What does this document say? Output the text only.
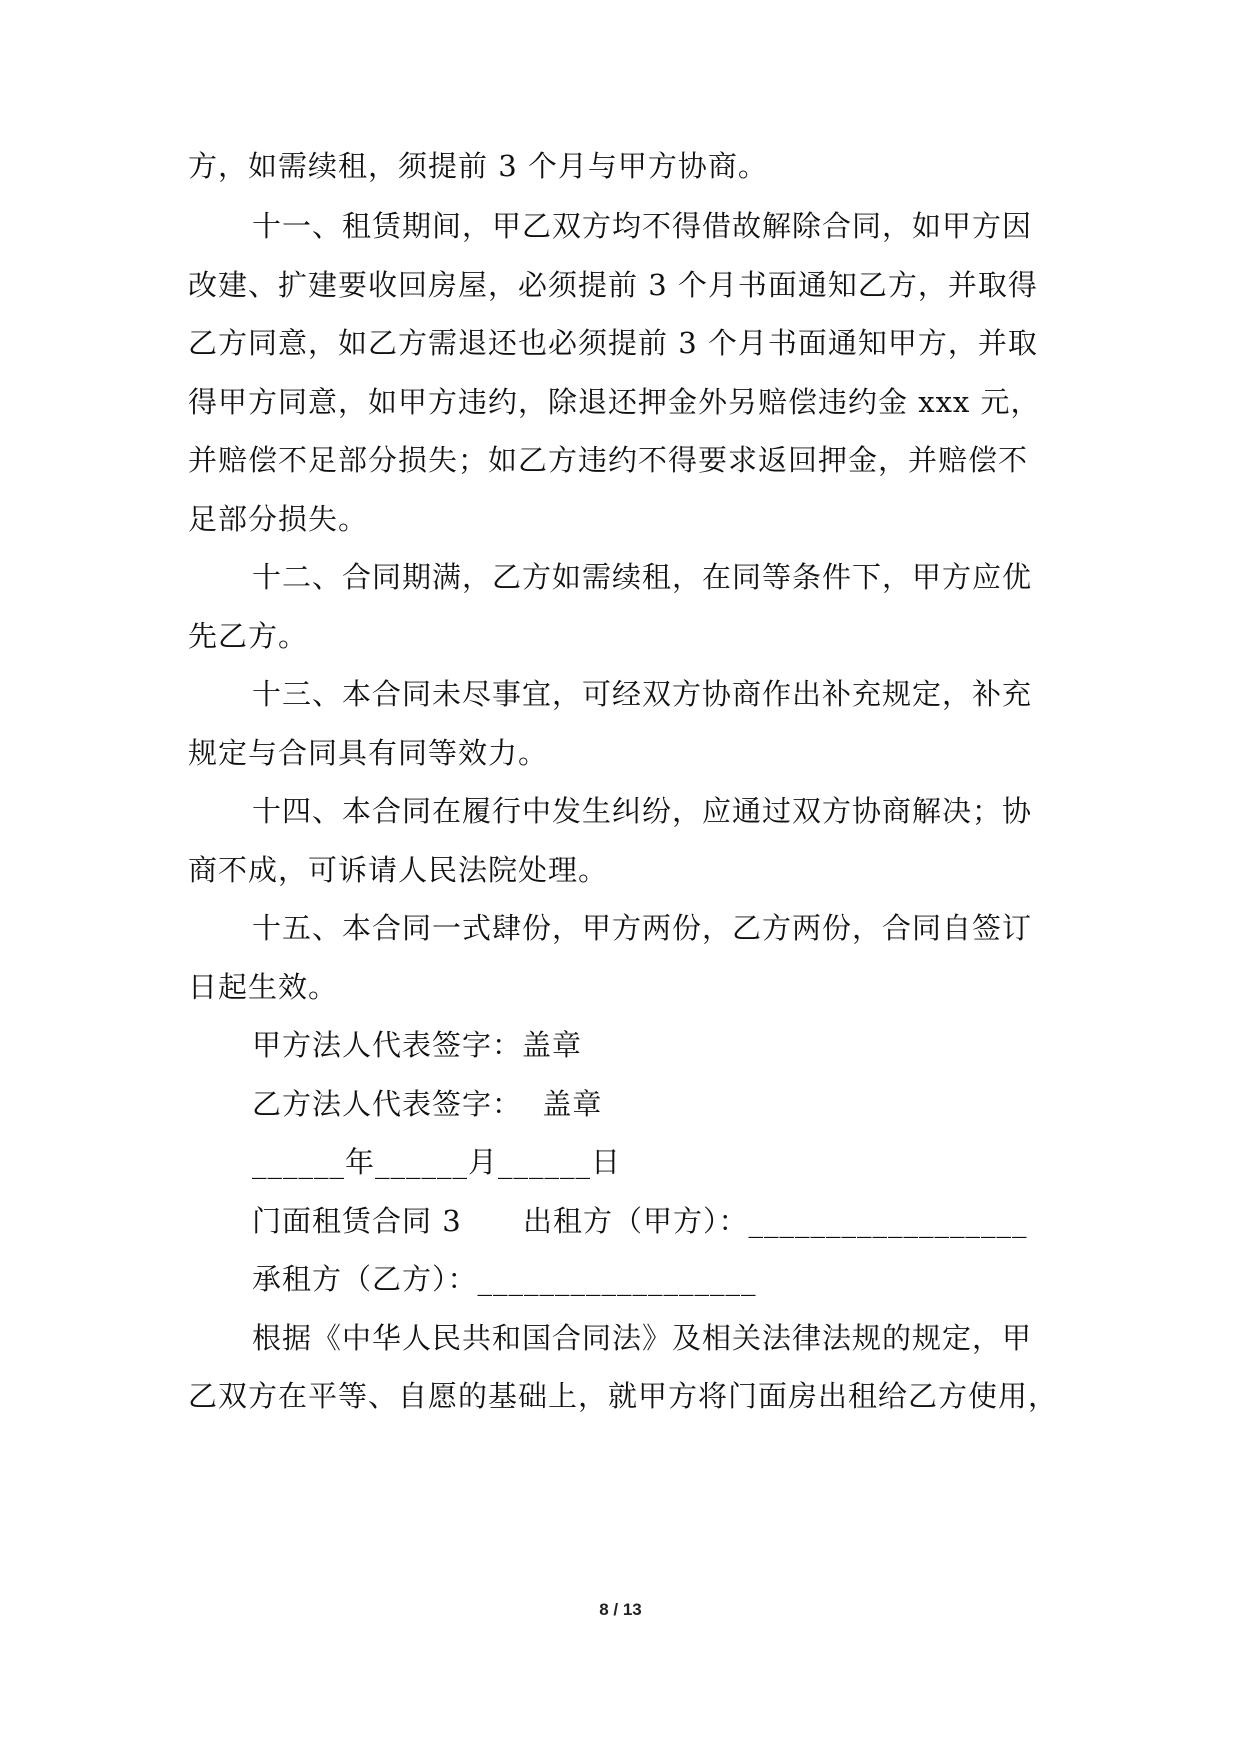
方，如需续租，须提前 3 个月与甲方协商。
十一、租赁期间，甲乙双方均不得借故解除合同，如甲方因
改建、扩建要收回房屋，必须提前 3 个月书面通知乙方，并取得
乙方同意，如乙方需退还也必须提前 3 个月书面通知甲方，并取
得甲方同意，如甲方违约，除退还押金外另赔偿违约金 xxx 元，
并赔偿不足部分损失；如乙方违约不得要求返回押金，并赔偿不
足部分损失。
十二、合同期满，乙方如需续租，在同等条件下，甲方应优
先乙方。
十三、本合同未尽事宜，可经双方协商作出补充规定，补充
规定与合同具有同等效力。
十四、本合同在履行中发生纠纷，应通过双方协商解决；协
商不成，可诉请人民法院处理。
十五、本合同一式肆份，甲方两份，乙方两份，合同自签订
日起生效。
甲方法人代表签字：盖章
乙方法人代表签字：  盖章
______年______月______日
门面租赁合同 3      出租方（甲方）：__________________
承租方（乙方）：__________________
根据《中华人民共和国合同法》及相关法律法规的规定，甲
乙双方在平等、自愿的基础上，就甲方将门面房出租给乙方使用，
8 / 13
